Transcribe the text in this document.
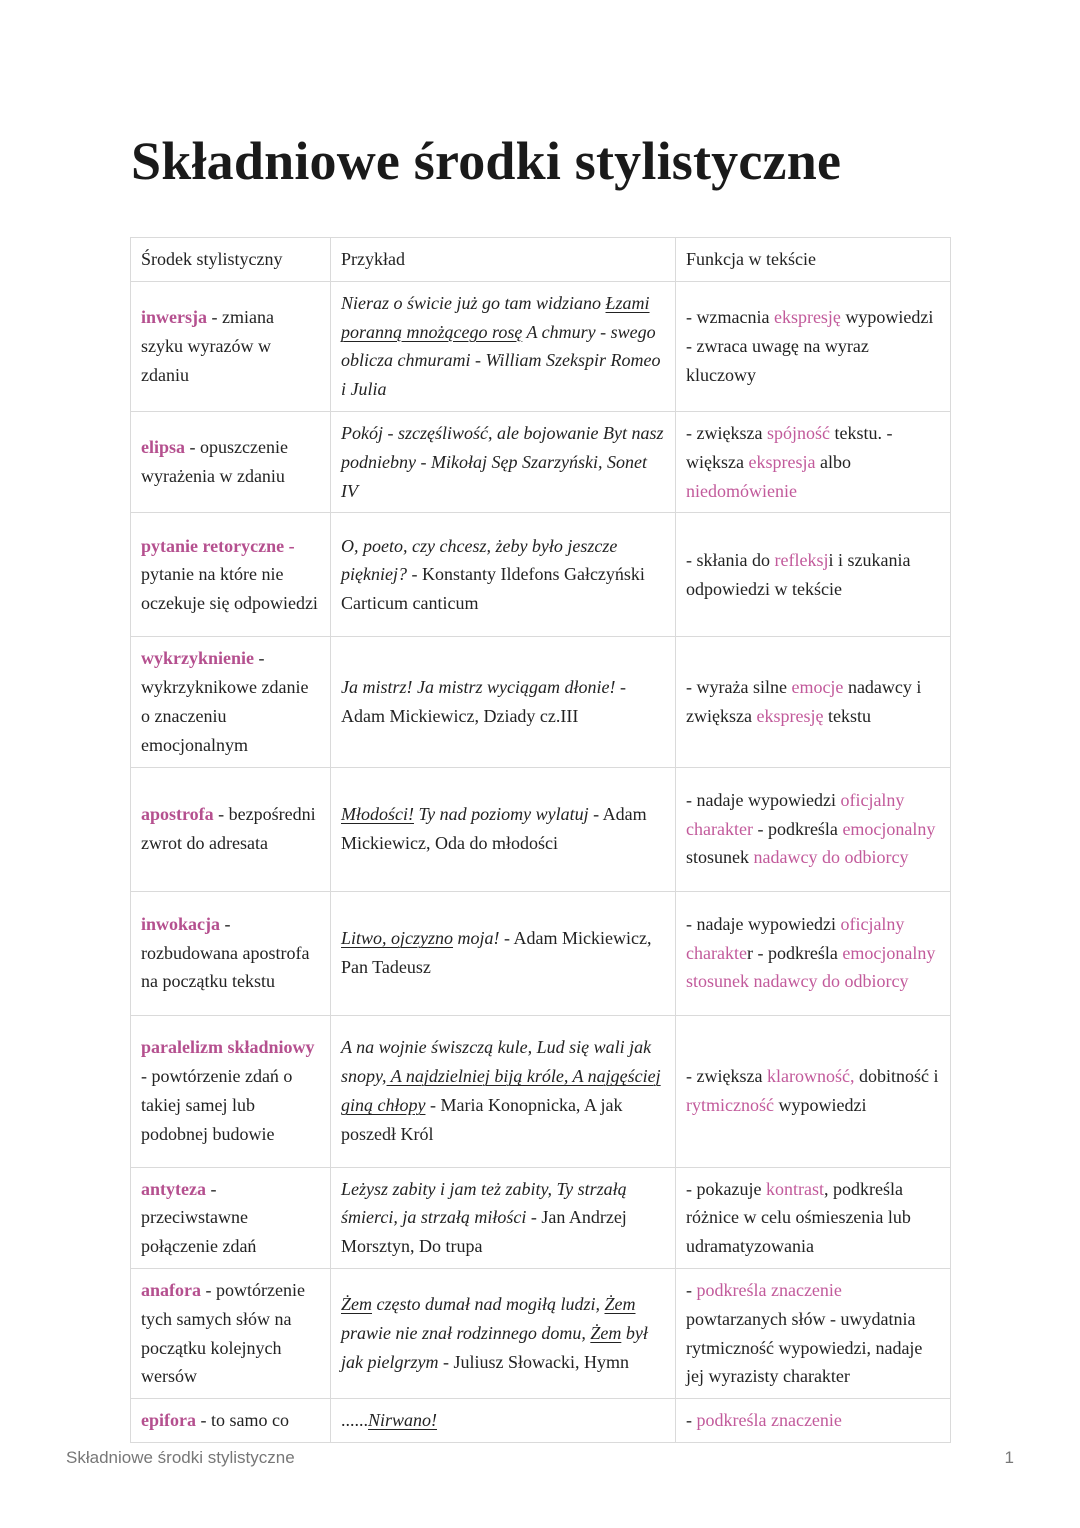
Składniowe środki stylistyczne
Środek stylistyczny	Przykład	Funkcja w tekście
inwersja - zmiana szyku wyrazów w zdaniu	Nieraz o świcie już go tam widziano Łzami poranną mnożącego rosę A chmury - swego oblicza chmurami - William Szekspir Romeo i Julia	- wzmacnia ekspresję wypowiedzi - zwraca uwagę na wyraz kluczowy
elipsa - opuszczenie wyrażenia w zdaniu	Pokój - szczęśliwość, ale bojowanie Byt nasz podniebny - Mikołaj Sęp Szarzyński, Sonet IV	- zwiększa spójność tekstu. - większa ekspresja albo niedomówienie
pytanie retoryczne - pytanie na które nie oczekuje się odpowiedzi	O, poeto, czy chcesz, żeby było jeszcze piękniej? - Konstanty Ildefons Gałczyński Carticum canticum	- skłania do refleksji i szukania odpowiedzi w tekście
wykrzyknienie - wykrzyknikowe zdanie o znaczeniu emocjonalnym	Ja mistrz! Ja mistrz wyciągam dłonie! - Adam Mickiewicz, Dziady cz.III	- wyraża silne emocje nadawcy i zwiększa ekspresję tekstu
apostrofa - bezpośredni zwrot do adresata	Młodości! Ty nad poziomy wylatuj - Adam Mickiewicz, Oda do młodości	- nadaje wypowiedzi oficjalny charakter - podkreśla emocjonalny stosunek nadawcy do odbiorcy
inwokacja - rozbudowana apostrofa na początku tekstu	Litwo, ojczyzno moja! - Adam Mickiewicz, Pan Tadeusz	- nadaje wypowiedzi oficjalny charakter - podkreśla emocjonalny stosunek nadawcy do odbiorcy
paralelizm składniowy - powtórzenie zdań o takiej samej lub podobnej budowie	A na wojnie świszczą kule, Lud się wali jak snopy, A najdzielniej biją króle, A najgęściej giną chłopy - Maria Konopnicka, A jak poszedł Król	- zwiększa klarowność, dobitność i rytmiczność wypowiedzi
antyteza - przeciwstawne połączenie zdań	Leżysz zabity i jam też zabity, Ty strzałą śmierci, ja strzałą miłości - Jan Andrzej Morsztyn, Do trupa	- pokazuje kontrast, podkreśla różnice w celu ośmieszenia lub udramatyzowania
anafora - powtórzenie tych samych słów na początku kolejnych wersów	Żem często dumał nad mogiłą ludzi, Żem prawie nie znał rodzinnego domu, Żem był jak pielgrzym - Juliusz Słowacki, Hymn	- podkreśla znaczenie powtarzanych słów - uwydatnia rytmiczność wypowiedzi, nadaje jej wyrazisty charakter
epifora - to samo co	......Nirwano!	- podkreśla znaczenie
Składniowe środki stylistyczne	1
